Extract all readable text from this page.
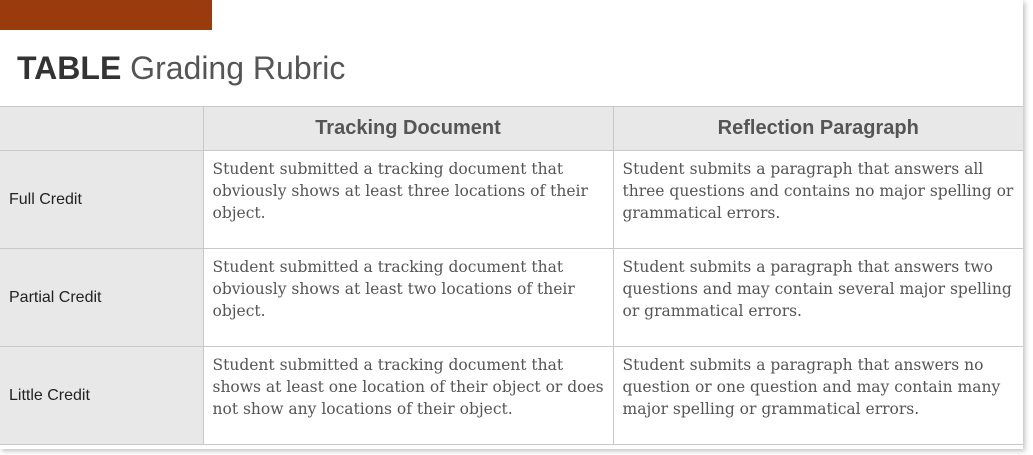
TABLE Grading Rubric
	Tracking Document	Reflection Paragraph
Full Credit	Student submitted a tracking document that obviously shows at least three locations of their object.	Student submits a paragraph that answers all three questions and contains no major spelling or grammatical errors.
Partial Credit	Student submitted a tracking document that obviously shows at least two locations of their object.	Student submits a paragraph that answers two questions and may contain several major spelling or grammatical errors.
Little Credit	Student submitted a tracking document that shows at least one location of their object or does not show any locations of their object.	Student submits a paragraph that answers no question or one question and may contain many major spelling or grammatical errors.
